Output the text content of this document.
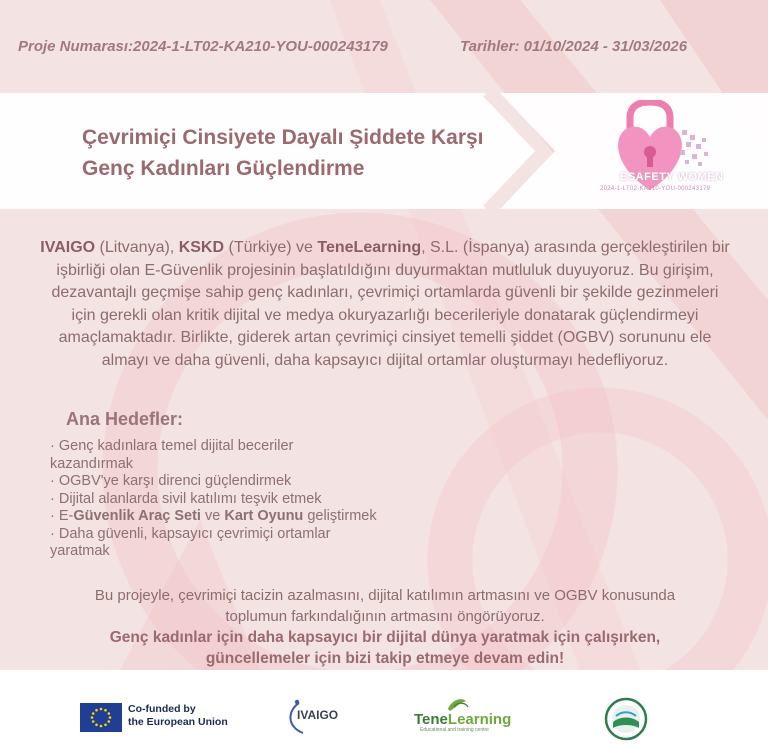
Proje Numarası:2024-1-LT02-KA210-YOU-000243179	Tarihler: 01/10/2024 - 31/03/2026
Çevrimiçi Cinsiyete Dayalı Şiddete Karşı
Genç Kadınları Güçlendirme	ESAFETY WOMEN
2024-1-LT02-KA210-YOU-000243179
IVAIGO (Litvanya), KSKD (Türkiye) ve TeneLearning, S.L. (İspanya) arasında gerçekleştirilen bir işbirliği olan E-Güvenlik projesinin başlatıldığını duyurmaktan mutluluk duyuyoruz. Bu girişim, dezavantajlı geçmişe sahip genç kadınları, çevrimiçi ortamlarda güvenli bir şekilde gezinmeleri için gerekli olan kritik dijital ve medya okuryazarlığı becerileriyle donatarak güçlendirmeyi amaçlamaktadır. Birlikte, giderek artan çevrimiçi cinsiyet temelli şiddet (OGBV) sorununu ele almayı ve daha güvenli, daha kapsayıcı dijital ortamlar oluşturmayı hedefliyoruz.
Ana Hedefler:
· Genç kadınlara temel dijital beceriler kazandırmak
· OGBV'ye karşı direnci güçlendirmek
· Dijital alanlarda sivil katılımı teşvik etmek
· E-Güvenlik Araç Seti ve Kart Oyunu geliştirmek
· Daha güvenli, kapsayıcı çevrimiçi ortamlar yaratmak
Bu projeyle, çevrimiçi tacizin azalmasını, dijital katılımın artmasını ve OGBV konusunda toplumun farkındalığının artmasını öngörüyoruz.
Genç kadınlar için daha kapsayıcı bir dijital dünya yaratmak için çalışırken, güncellemeler için bizi takip etmeye devam edin!
Co-funded by
the European Union	IVAIGO	TeneLearning
Educational and training centre
